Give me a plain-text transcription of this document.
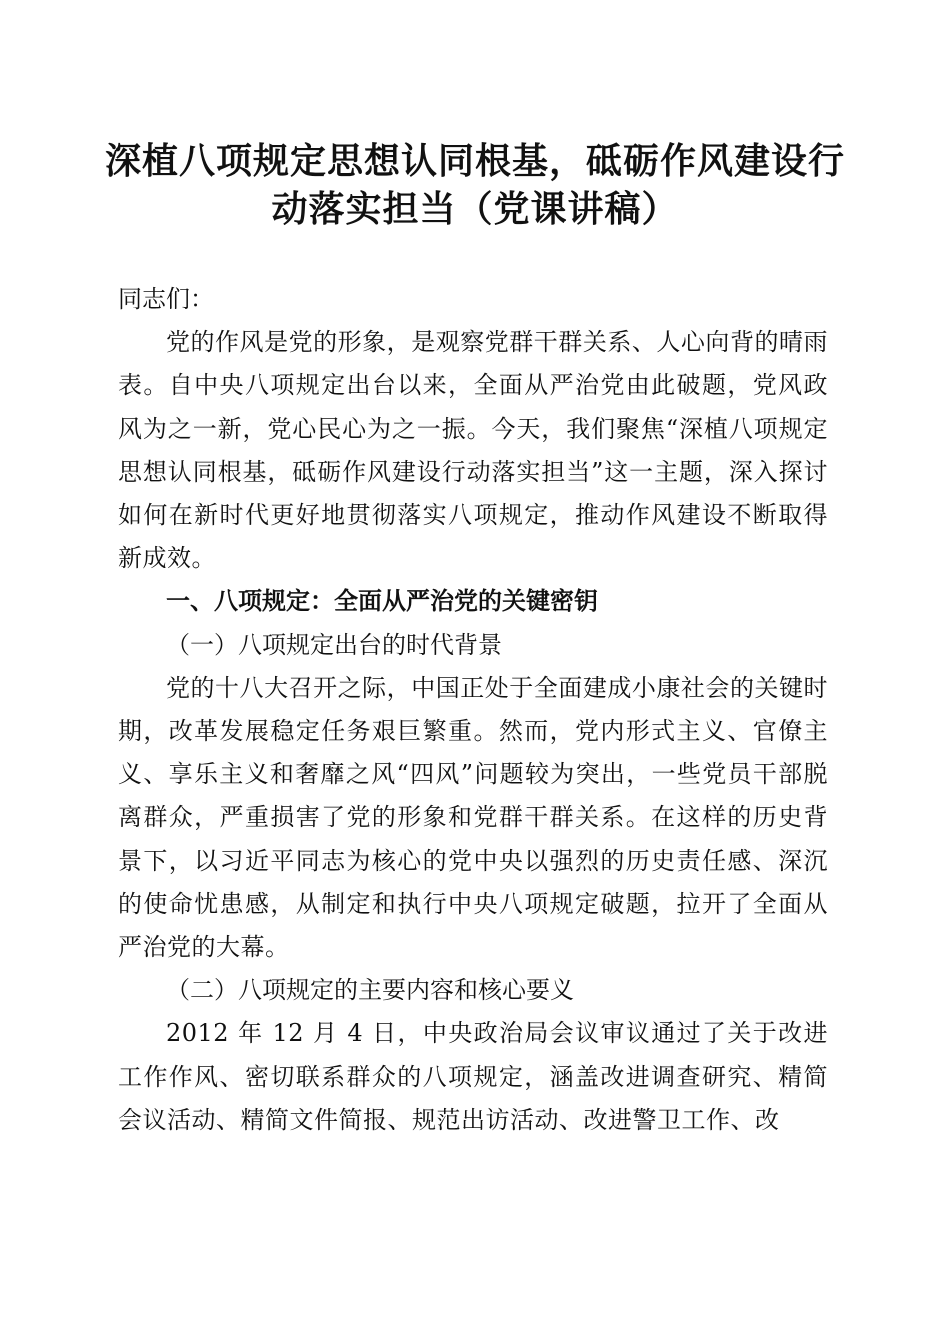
深植八项规定思想认同根基，砥砺作风建设行
动落实担当（党课讲稿）

同志们：

党的作风是党的形象，是观察党群干群关系、人心向背的晴雨表。自中央八项规定出台以来，全面从严治党由此破题，党风政风为之一新，党心民心为之一振。今天，我们聚焦“深植八项规定思想认同根基，砥砺作风建设行动落实担当”这一主题，深入探讨如何在新时代更好地贯彻落实八项规定，推动作风建设不断取得新成效。

一、八项规定：全面从严治党的关键密钥

（一）八项规定出台的时代背景

党的十八大召开之际，中国正处于全面建成小康社会的关键时期，改革发展稳定任务艰巨繁重。然而，党内形式主义、官僚主义、享乐主义和奢靡之风“四风”问题较为突出，一些党员干部脱离群众，严重损害了党的形象和党群干群关系。在这样的历史背景下，以习近平同志为核心的党中央以强烈的历史责任感、深沉的使命忧患感，从制定和执行中央八项规定破题，拉开了全面从严治党的大幕。

（二）八项规定的主要内容和核心要义

2012 年 12 月 4 日，中央政治局会议审议通过了关于改进工作作风、密切联系群众的八项规定，涵盖改进调查研究、精简会议活动、精简文件简报、规范出访活动、改进警卫工作、改
